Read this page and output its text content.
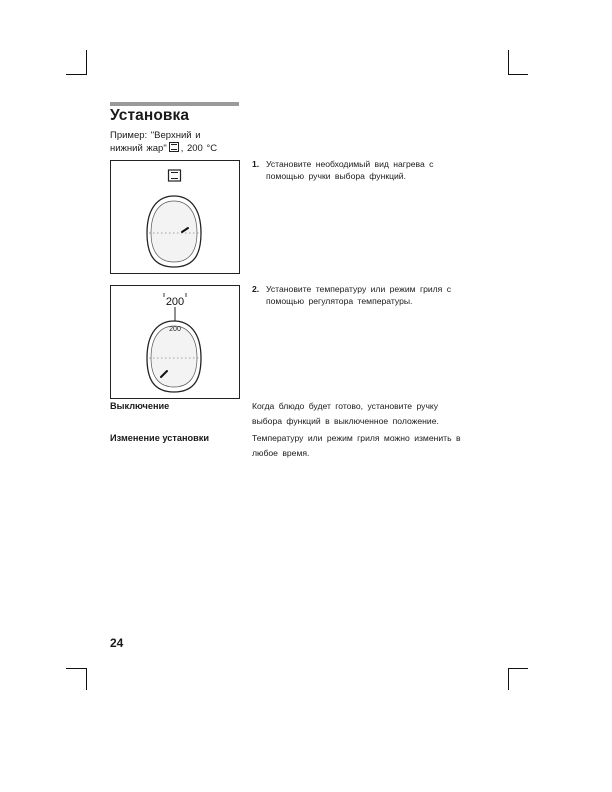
Установка
Пример: "Верхний и
нижний жар" , 200 °C
200
200
1. Установите необходимый вид нагрева с
помощью ручки выбора функций.
2. Установите температуру или режим гриля с
помощью регулятора температуры.
Выключение	Когда блюдо будет готово, установите ручку
выбора функций в выключенное положение.
Изменение установки	Температуру или режим гриля можно изменить в
любое время.
24
